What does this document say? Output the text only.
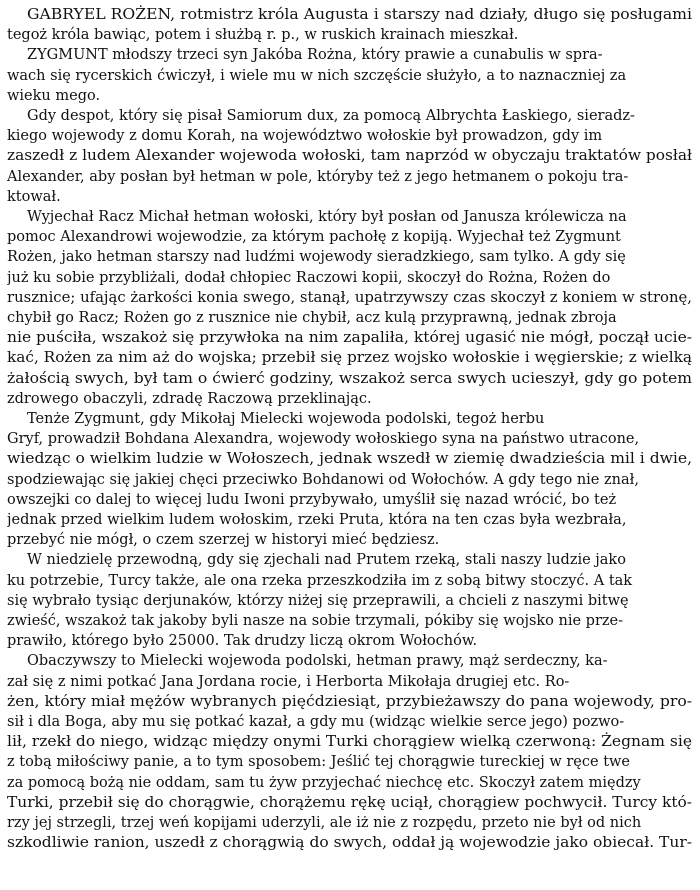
GABRYEL ROŻEN, rotmistrz króla Augusta i starszy nad działy, długo się posługami
tegoż króla bawiąc, potem i służbą r. p., w ruskich krainach mieszkał.
ZYGMUNT młodszy trzeci syn Jakóba Rożna, który prawie a cunabulis w spra-
wach się rycerskich ćwiczył, i wiele mu w nich szczęście służyło, a to naznaczniej za
wieku mego.
Gdy despot, który się pisał Samiorum dux, za pomocą Albrychta Łaskiego, sieradz-
kiego wojewody z domu Korah, na województwo wołoskie był prowadzon, gdy im
zaszedł z ludem Alexander wojewoda wołoski, tam naprzód w obyczaju traktatów posłał
Alexander, aby posłan był hetman w pole, któryby też z jego hetmanem o pokoju tra-
ktował.
Wyjechał Racz Michał hetman wołoski, który był posłan od Janusza królewicza na
pomoc Alexandrowi wojewodzie, za którym pachołę z kopiją. Wyjechał też Zygmunt
Rożen, jako hetman starszy nad ludźmi wojewody sieradzkiego, sam tylko. A gdy się
już ku sobie przybliżali, dodał chłopiec Raczowi kopii, skoczył do Rożna, Rożen do
rusznice; ufając żarkości konia swego, stanął, upatrzywszy czas skoczył z koniem w stronę,
chybił go Racz; Rożen go z rusznice nie chybił, acz kulą przyprawną, jednak zbroja
nie puściła, wszakoż się przywłoka na nim zapaliła, której ugasić nie mógł, począł ucie-
kać, Rożen za nim aż do wojska; przebił się przez wojsko wołoskie i węgierskie; z wielką
żałością swych, był tam o ćwierć godziny, wszakoż serca swych ucieszył, gdy go potem
zdrowego obaczyli, zdradę Raczową przeklinając.
Tenże Zygmunt, gdy Mikołaj Mielecki wojewoda podolski, tegoż herbu
Gryf, prowadził Bohdana Alexandra, wojewody wołoskiego syna na państwo utracone,
wiedząc o wielkim ludzie w Wołoszech, jednak wszedł w ziemię dwadzieścia mil i dwie,
spodziewając się jakiej chęci przeciwko Bohdanowi od Wołochów. A gdy tego nie znał,
owszejki co dalej to więcej ludu Iwoni przybywało, umyślił się nazad wrócić, bo też
jednak przed wielkim ludem wołoskim, rzeki Pruta, która na ten czas była wezbrała,
przebyć nie mógł, o czem szerzej w historyi mieć będziesz.
W niedzielę przewodną, gdy się zjechali nad Prutem rzeką, stali naszy ludzie jako
ku potrzebie, Turcy także, ale ona rzeka przeszkodziła im z sobą bitwy stoczyć. A tak
się wybrało tysiąc derjunaków, którzy niżej się przeprawili, a chcieli z naszymi bitwę
zwieść, wszakoż tak jakoby byli nasze na sobie trzymali, pókiby się wojsko nie prze-
prawiło, którego było 25000. Tak drudzy liczą okrom Wołochów.
Obaczywszy to Mielecki wojewoda podolski, hetman prawy, mąż serdeczny, ka-
zał się z nimi potkać Jana Jordana rocie, i Herborta Mikołaja drugiej etc. Ro-
żen, który miał mężów wybranych pięćdziesiąt, przybieżawszy do pana wojewody, pro-
sił i dla Boga, aby mu się potkać kazał, a gdy mu (widząc wielkie serce jego) pozwo-
lił, rzekł do niego, widząc między onymi Turki chorągiew wielką czerwoną: Żegnam się
z tobą miłościwy panie, a to tym sposobem: Jeślić tej chorągwie tureckiej w ręce twe
za pomocą bożą nie oddam, sam tu żyw przyjechać niechcę etc. Skoczył zatem między
Turki, przebił się do chorągwie, chorążemu rękę uciął, chorągiew pochwycił. Turcy któ-
rzy jej strzegli, trzej weń kopijami uderzyli, ale iż nie z rozpędu, przeto nie był od nich
szkodliwie ranion, uszedł z chorągwią do swych, oddał ją wojewodzie jako obiecał. Tur-
